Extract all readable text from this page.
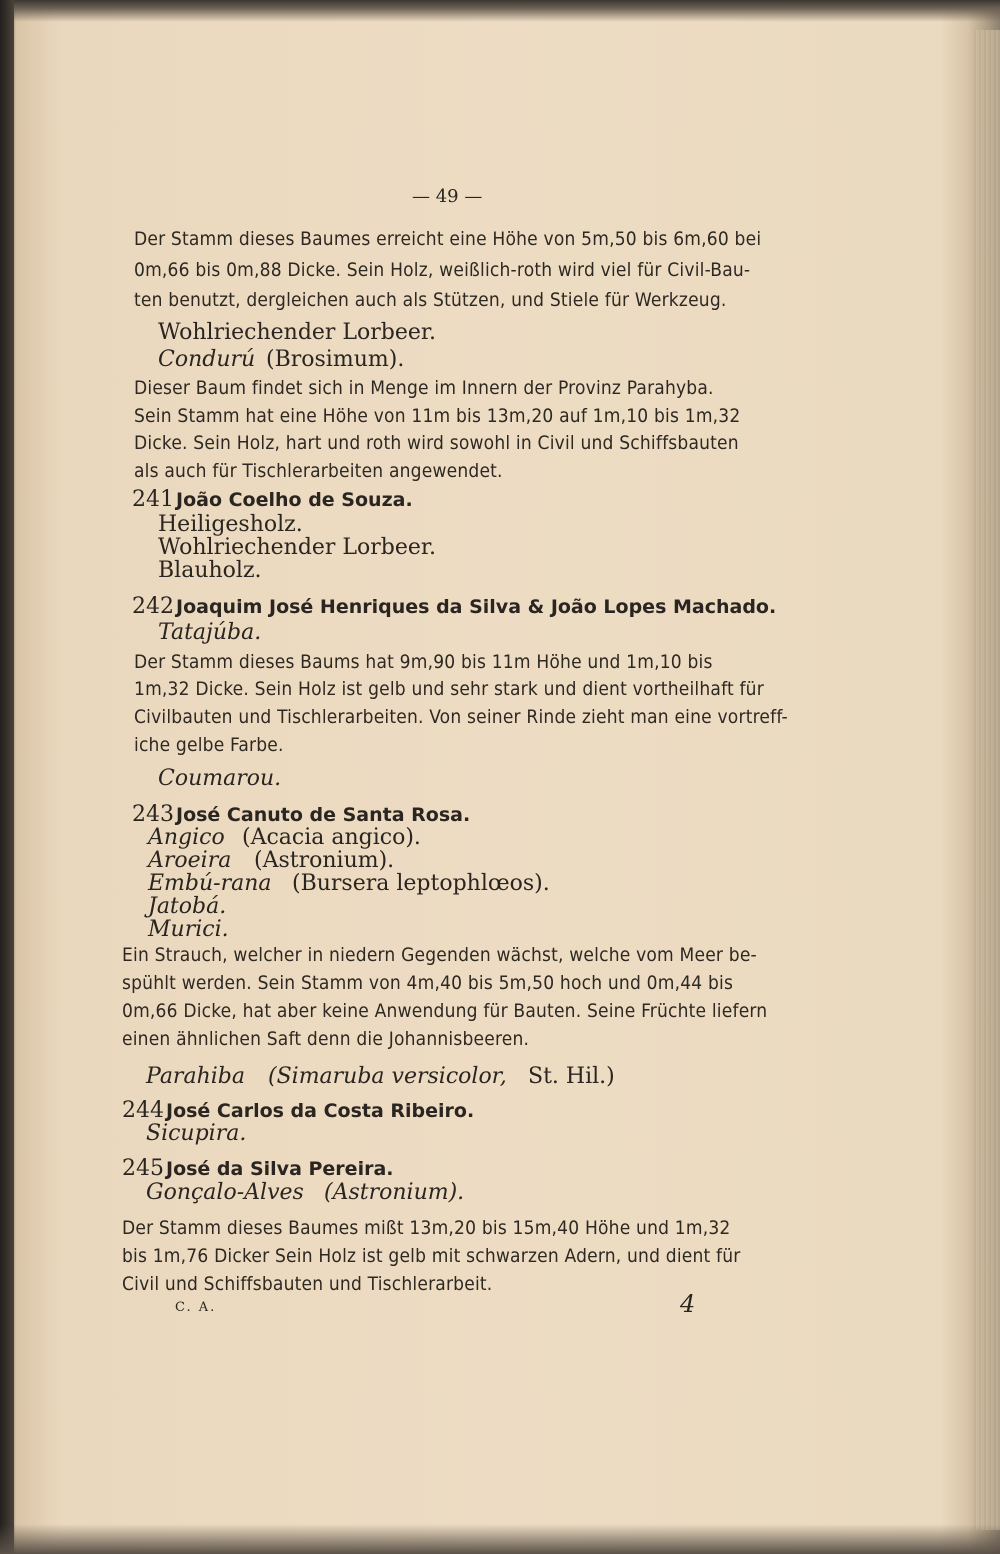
— 49 —
Der Stamm dieses Baumes erreicht eine Höhe von 5m,50 bis 6m,60 bei
0m,66 bis 0m,88 Dicke. Sein Holz, weißlich-roth wird viel für Civil-Bau-
ten benutzt, dergleichen auch als Stützen, und Stiele für Werkzeug.
Wohlriechender Lorbeer.
Condurú (Brosimum).
Dieser Baum findet sich in Menge im Innern der Provinz Parahyba.
Sein Stamm hat eine Höhe von 11m bis 13m,20 auf 1m,10 bis 1m,32
Dicke. Sein Holz, hart und roth wird sowohl in Civil und Schiffsbauten
als auch für Tischlerarbeiten angewendet.
241 João Coelho de Souza.
Heiligesholz.
Wohlriechender Lorbeer.
Blauholz.
242 Joaquim José Henriques da Silva & João Lopes Machado.
Tatajúba.
Der Stamm dieses Baums hat 9m,90 bis 11m Höhe und 1m,10 bis
1m,32 Dicke. Sein Holz ist gelb und sehr stark und dient vortheilhaft für
Civilbauten und Tischlerarbeiten. Von seiner Rinde zieht man eine vortreff-
iche gelbe Farbe.
Coumarou.
243 José Canuto de Santa Rosa.
Angico (Acacia angico).
Aroeira (Astronium).
Embú-rana (Bursera leptophlœos).
Jatobá.
Murici.
Ein Strauch, welcher in niedern Gegenden wächst, welche vom Meer be-
spühlt werden. Sein Stamm von 4m,40 bis 5m,50 hoch und 0m,44 bis
0m,66 Dicke, hat aber keine Anwendung für Bauten. Seine Früchte liefern
einen ähnlichen Saft denn die Johannisbeeren.
Parahiba (Simaruba versicolor, St. Hil.)
244 José Carlos da Costa Ribeiro.
Sicupira.
245 José da Silva Pereira.
Gonçalo-Alves (Astronium).
Der Stamm dieses Baumes mißt 13m,20 bis 15m,40 Höhe und 1m,32
bis 1m,76 Dicker Sein Holz ist gelb mit schwarzen Adern, und dient für
Civil und Schiffsbauten und Tischlerarbeit.
C. A.	4
